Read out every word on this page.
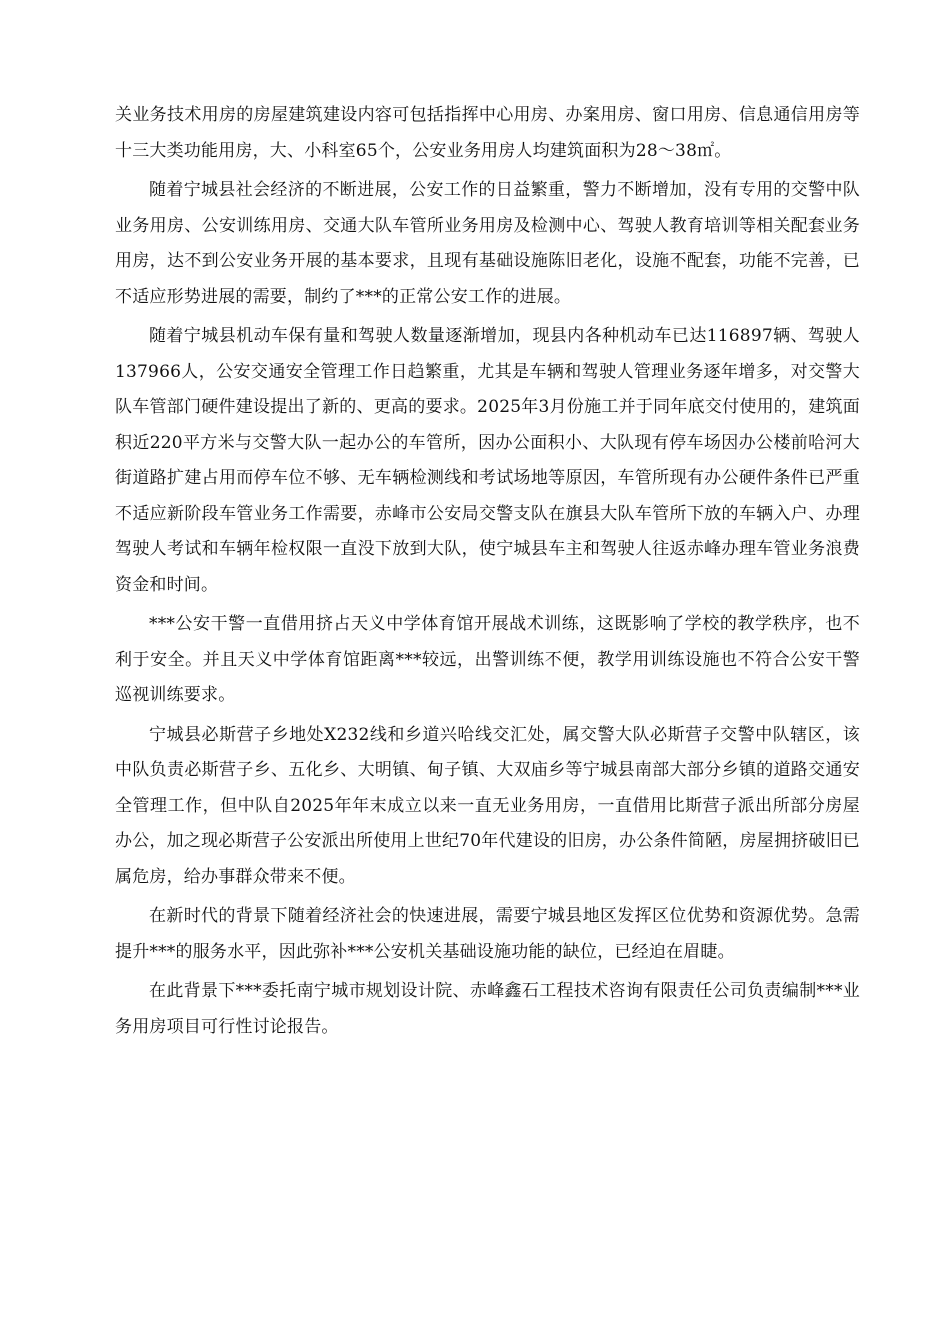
关业务技术用房的房屋建筑建设内容可包括指挥中心用房、办案用房、窗口用房、信息通信用房等十三大类功能用房，大、小科室65个，公安业务用房人均建筑面积为28～38㎡。

随着宁城县社会经济的不断进展，公安工作的日益繁重，警力不断增加，没有专用的交警中队业务用房、公安训练用房、交通大队车管所业务用房及检测中心、驾驶人教育培训等相关配套业务用房，达不到公安业务开展的基本要求，且现有基础设施陈旧老化，设施不配套，功能不完善，已不适应形势进展的需要，制约了***的正常公安工作的进展。

随着宁城县机动车保有量和驾驶人数量逐渐增加，现县内各种机动车已达116897辆、驾驶人137966人，公安交通安全管理工作日趋繁重，尤其是车辆和驾驶人管理业务逐年增多，对交警大队车管部门硬件建设提出了新的、更高的要求。2025年3月份施工并于同年底交付使用的，建筑面积近220平方米与交警大队一起办公的车管所，因办公面积小、大队现有停车场因办公楼前哈河大街道路扩建占用而停车位不够、无车辆检测线和考试场地等原因，车管所现有办公硬件条件已严重不适应新阶段车管业务工作需要，赤峰市公安局交警支队在旗县大队车管所下放的车辆入户、办理驾驶人考试和车辆年检权限一直没下放到大队，使宁城县车主和驾驶人往返赤峰办理车管业务浪费资金和时间。

***公安干警一直借用挤占天义中学体育馆开展战术训练，这既影响了学校的教学秩序，也不利于安全。并且天义中学体育馆距离***较远，出警训练不便，教学用训练设施也不符合公安干警巡视训练要求。

宁城县必斯营子乡地处X232线和乡道兴哈线交汇处，属交警大队必斯营子交警中队辖区，该中队负责必斯营子乡、五化乡、大明镇、甸子镇、大双庙乡等宁城县南部大部分乡镇的道路交通安全管理工作，但中队自2025年年末成立以来一直无业务用房，一直借用比斯营子派出所部分房屋办公，加之现必斯营子公安派出所使用上世纪70年代建设的旧房，办公条件简陋，房屋拥挤破旧已属危房，给办事群众带来不便。

在新时代的背景下随着经济社会的快速进展，需要宁城县地区发挥区位优势和资源优势。急需提升***的服务水平，因此弥补***公安机关基础设施功能的缺位，已经迫在眉睫。

在此背景下***委托南宁城市规划设计院、赤峰鑫石工程技术咨询有限责任公司负责编制***业务用房项目可行性讨论报告。
